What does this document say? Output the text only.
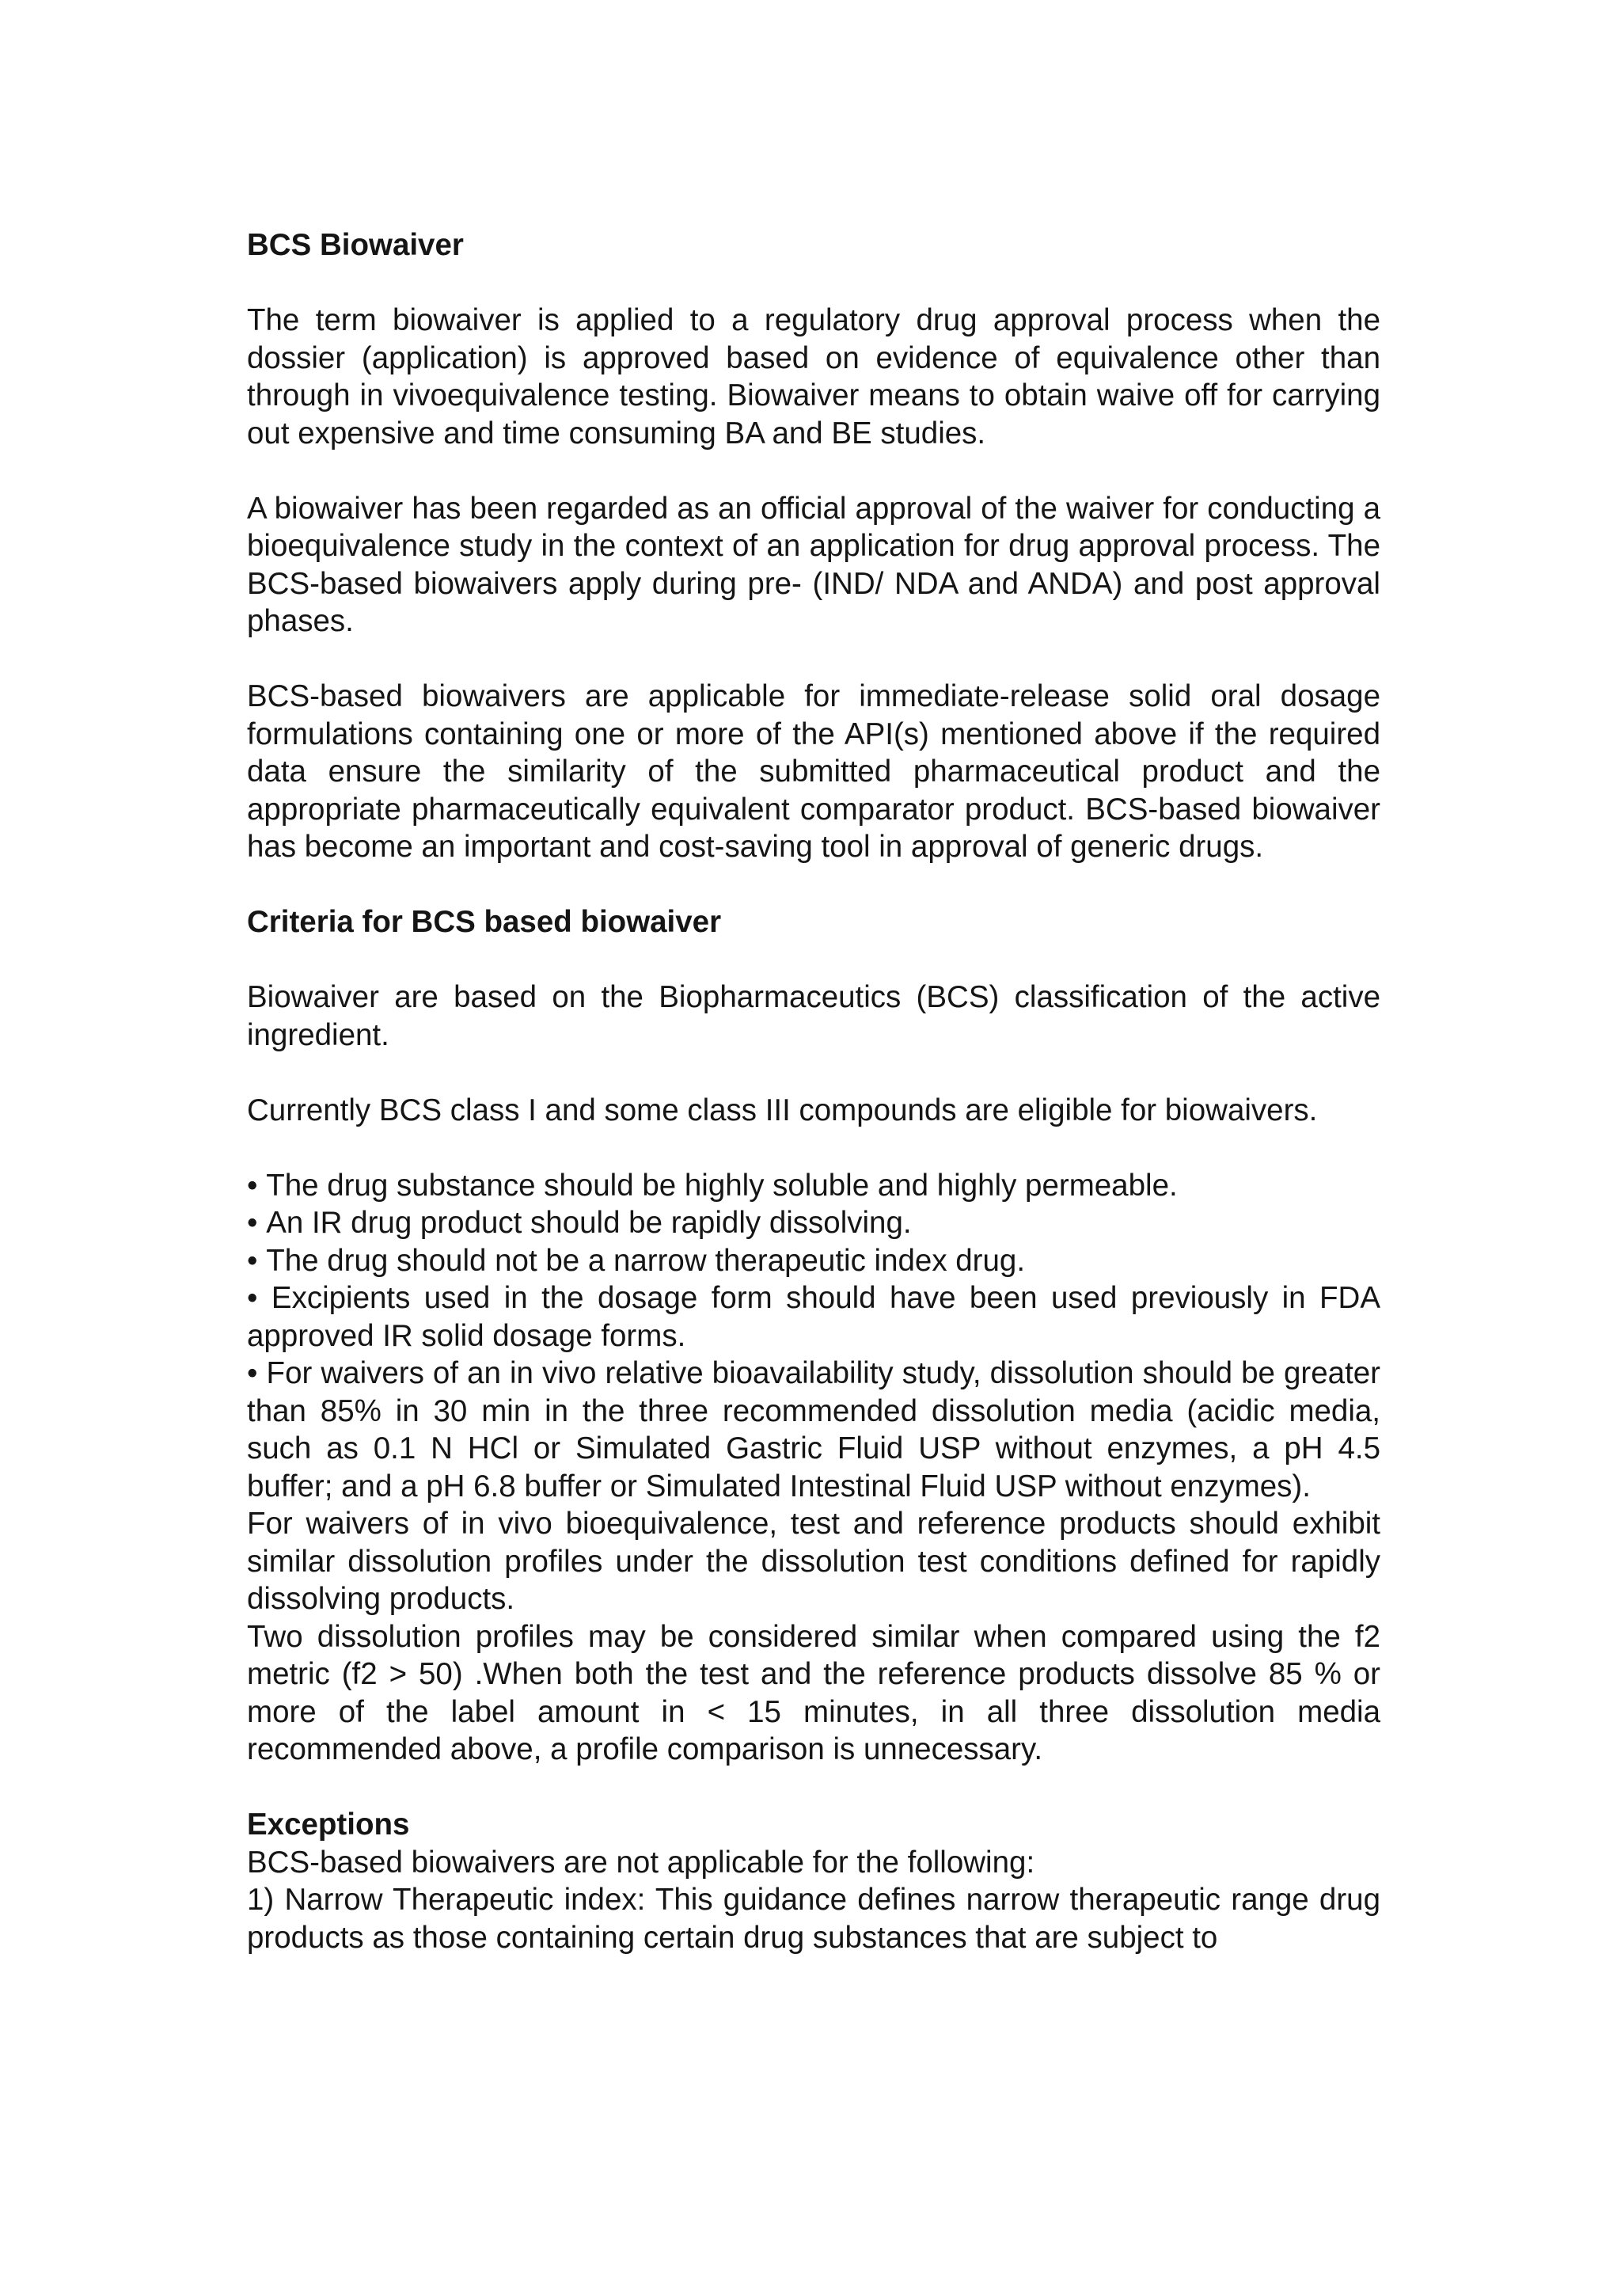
BCS Biowaiver

The term biowaiver is applied to a regulatory drug approval process when the dossier (application) is approved based on evidence of equivalence other than through in vivoequivalence testing. Biowaiver means to obtain waive off for carrying out expensive and time consuming BA and BE studies.

A biowaiver has been regarded as an official approval of the waiver for conducting a bioequivalence study in the context of an application for drug approval process. The BCS-based biowaivers apply during pre- (IND/ NDA and ANDA) and post approval phases.

BCS-based biowaivers are applicable for immediate-release solid oral dosage formulations containing one or more of the API(s) mentioned above if the required data ensure the similarity of the submitted pharmaceutical product and the appropriate pharmaceutically equivalent comparator product. BCS-based biowaiver has become an important and cost-saving tool in approval of generic drugs.

Criteria for BCS based biowaiver

Biowaiver are based on the Biopharmaceutics (BCS) classification of the active ingredient.

Currently BCS class I and some class III compounds are eligible for biowaivers.

• The drug substance should be highly soluble and highly permeable.
• An IR drug product should be rapidly dissolving.
• The drug should not be a narrow therapeutic index drug.
• Excipients used in the dosage form should have been used previously in FDA approved IR solid dosage forms.
• For waivers of an in vivo relative bioavailability study, dissolution should be greater than 85% in 30 min in the three recommended dissolution media (acidic media, such as 0.1 N HCl or Simulated Gastric Fluid USP without enzymes, a pH 4.5 buffer; and a pH 6.8 buffer or Simulated Intestinal Fluid USP without enzymes).

For waivers of in vivo bioequivalence, test and reference products should exhibit similar dissolution profiles under the dissolution test conditions defined for rapidly dissolving products.

Two dissolution profiles may be considered similar when compared using the f2 metric (f2 > 50) .When both the test and the reference products dissolve 85 % or more of the label amount in < 15 minutes, in all three dissolution media recommended above, a profile comparison is unnecessary.

Exceptions

BCS-based biowaivers are not applicable for the following:

1) Narrow Therapeutic index: This guidance defines narrow therapeutic range drug products as those containing certain drug substances that are subject to
